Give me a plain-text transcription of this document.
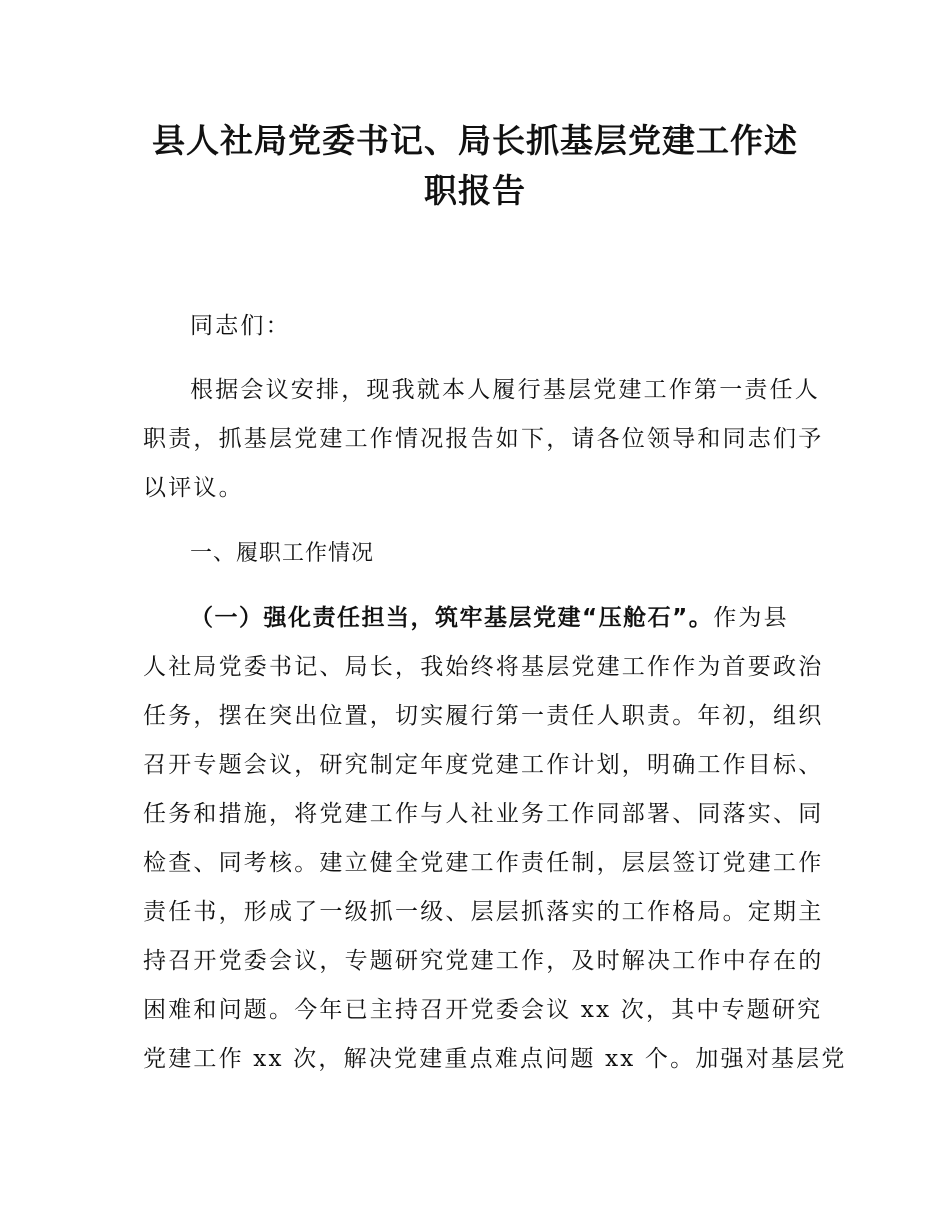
县人社局党委书记、局长抓基层党建工作述
职报告
同志们：
根据会议安排，现我就本人履行基层党建工作第一责任人
职责，抓基层党建工作情况报告如下，请各位领导和同志们予
以评议。
一、履职工作情况
（一）强化责任担当，筑牢基层党建“压舱石”。作为县
人社局党委书记、局长，我始终将基层党建工作作为首要政治
任务，摆在突出位置，切实履行第一责任人职责。年初，组织
召开专题会议，研究制定年度党建工作计划，明确工作目标、
任务和措施，将党建工作与人社业务工作同部署、同落实、同
检查、同考核。建立健全党建工作责任制，层层签订党建工作
责任书，形成了一级抓一级、层层抓落实的工作格局。定期主
持召开党委会议，专题研究党建工作，及时解决工作中存在的
困难和问题。今年已主持召开党委会议 xx 次，其中专题研究
党建工作 xx 次，解决党建重点难点问题 xx 个。加强对基层党
